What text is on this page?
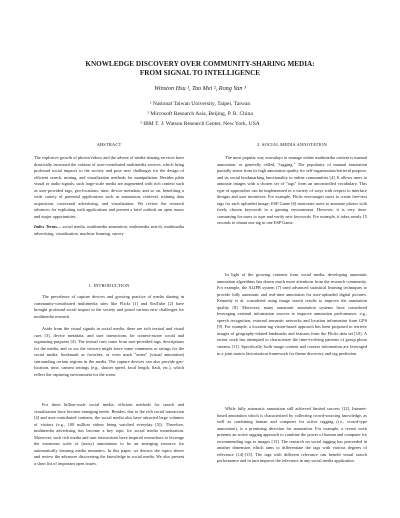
KNOWLEDGE DISCOVERY OVER COMMUNITY-SHARING MEDIA:
FROM SIGNAL TO INTELLIGENCE
Winston Hsu ¹, Tao Mei ², Rong Yan ³
¹ National Taiwan University, Taipei, Taiwan
² Microsoft Research Asia, Beijing, P. R. China
³ IBM T. J. Watson Research Center, New York, USA
ABSTRACT

The explosive growth of photos/videos and the advent of media-sharing services have drastically increased the volume of user-contributed multimedia sources, which bring profound social impacts to the society and pose new challenges for the design of efficient search, mining, and visualization methods for manipulation. Besides plain visual or audio signals, such large-scale media are augmented with rich context such as user-provided tags, geo-locations, time, device metadata, and so on, benefiting a wide variety of potential applications such as annotation, retrieval, training data acquisition, contextual advertising, and visualization. We review the research advances for exploiting such applications and present a brief outlook on open issues and major opportunities.

Index Terms— social media, multimedia annotation, multimedia search, multimedia advertising, visualization, machine learning, survey

1. INTRODUCTION

The prevalence of capture devices and growing practice of media sharing in community-contributed multimedia sites like Flickr [1] and YouTube [2] have brought profound social impact to the society and posed various new challenges for multimedia research.

Aside from the visual signals in social media, there are rich textual and visual cues [3], device metadata, and user interactions for context-aware social and organizing purposes [4]. The textual cues come from user-provided tags, descriptions for the media, and so on; the viewers might leave some comments or ratings for the social media, bookmark as favorites, or even mark "notes" (visual annotation) surrounding certain regions in the media. The capture devices can also provide geo-location, time, camera settings (e.g., shutter speed, focal length, flash, etc.), which reflect the capturing environment for the scene.

For these billion-scale social media, efficient methods for search and visualization have become emerging needs. Besides, due to the rich social interaction [4] and user-contributed contents, the social media also have attracted large volumes of visitors (e.g., 100 million videos being watched everyday [5]). Therefore, multimedia advertising has become a key topic for social media monetization. Moreover, such rich media and user interactions have inspired researchers to leverage the enormous scale of (noisy) annotations to be an emerging resource for automatically learning media semantics. In this paper, we discuss the topics above and review the advances discovering the knowledge in social media. We also present a short list of important open issues.

2. SOCIAL MEDIA ANNOTATION

The most popular way nowadays to manage online multimedia content is manual annotation, or generally called, "tagging." The popularity of manual annotation partially stems from its high annotation quality for self-organization/retrieval purpose, and its social bookmarking functionality in online communities [4]. It allows users to annotate images with a chosen set of "tags" from an uncontrolled vocabulary. This type of approaches can be implemented in a variety of ways with respect to interface designs and user incentives. For example, Flickr encourages users to create free-text tags for each uploaded image; ESP Game [6] motivates users to annotate photos with freely chosen keywords in a gaming environment. However, it is very time-consuming for users to type and verify new keywords. For example, it takes nearly 15 seconds to obtain one tag in one ESP Game.

In light of the growing contents from social media, developing automatic annotation algorithms has drawn much more attentions from the research community. For example, the ALIPR system [7] used advanced statistical learning techniques to provide fully automatic and real-time annotation for user-uploaded digital pictures. Kennedy et al. considered using image search results to improve the annotation quality [8]. Moreover, many automatic annotation systems have considered leveraging external information sources to improve annotation performance, e.g., speech recognition, external semantic networks and location information from GPS [9]. For example, a location-tag vision-based approach has been proposed to retrieve images of geography-related landmarks and features from the Flickr data set [10]. A recent work has attempted to characterize the time-evolving patterns of group photo streams [11]. Specifically, both image content and context information are leveraged in a joint matrix factorization framework for theme discovery and tag prediction.

While fully automatic annotation still achieved limited success [12], Internet-based annotation which is characterized by collecting crowd-sourcing knowledge, as well as combining human and computer for active tagging (i.e., crowd-type annotation), is a promising direction for annotation. For example, a recent work presents an active tagging approach to combine the power of human and computer for recommending tags to images [13]. The research on social tagging has proceeded in another dimension which aims to differentiate the tags with various degrees of relevance [14]-[15]. The tags with different relevance can benefit visual search performance and in turn improve the relevance in any social media application.
